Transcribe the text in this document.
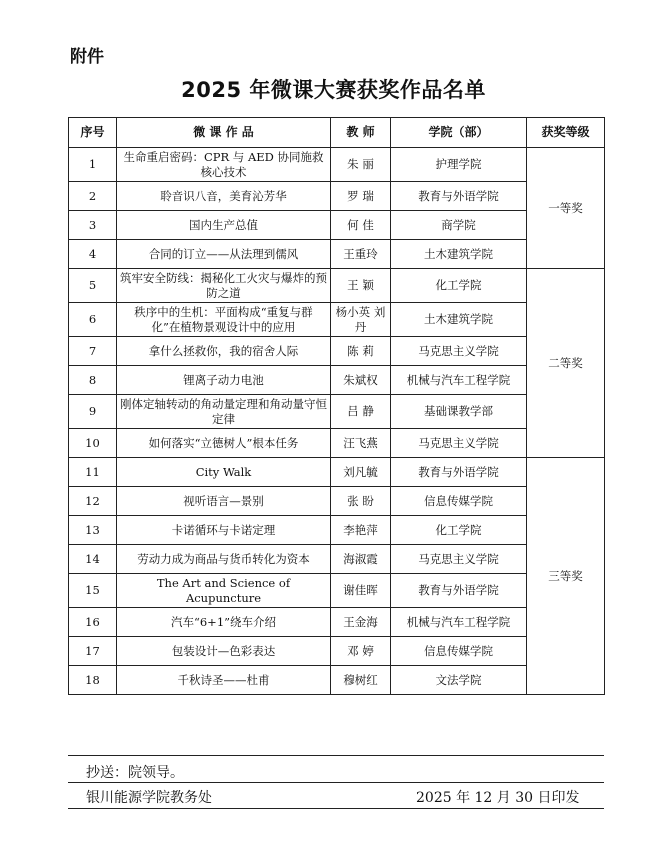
附件
2025 年微课大赛获奖作品名单
序号	微 课 作 品	教 师	学院（部）	获奖等级
1	生命重启密码：CPR 与 AED 协同施救核心技术	朱 丽	护理学院	一等奖
2	聆音识八音，美育沁芳华	罗 瑞	教育与外语学院	
3	国内生产总值	何 佳	商学院	
4	合同的订立——从法理到儒风	王重玲	土木建筑学院	
5	筑牢安全防线：揭秘化工火灾与爆炸的预防之道	王 颖	化工学院	二等奖
6	秩序中的生机：平面构成“重复与群化”在植物景观设计中的应用	杨小英 刘 丹	土木建筑学院	
7	拿什么拯救你，我的宿舍人际	陈 莉	马克思主义学院	
8	锂离子动力电池	朱斌权	机械与汽车工程学院	
9	刚体定轴转动的角动量定理和角动量守恒定律	吕 静	基础课教学部	
10	如何落实“立德树人”根本任务	汪飞燕	马克思主义学院	
11	City Walk	刘凡毓	教育与外语学院	三等奖
12	视听语言—景别	张 盼	信息传媒学院	
13	卡诺循环与卡诺定理	李艳萍	化工学院	
14	劳动力成为商品与货币转化为资本	海淑霞	马克思主义学院	
15	The Art and Science of Acupuncture	谢佳晖	教育与外语学院	
16	汽车“6+1”绕车介绍	王金海	机械与汽车工程学院	
17	包装设计—色彩表达	邓 婷	信息传媒学院	
18	千秋诗圣——杜甫	穆树红	文法学院	
抄送：院领导。
银川能源学院教务处	2025 年 12 月 30 日印发
